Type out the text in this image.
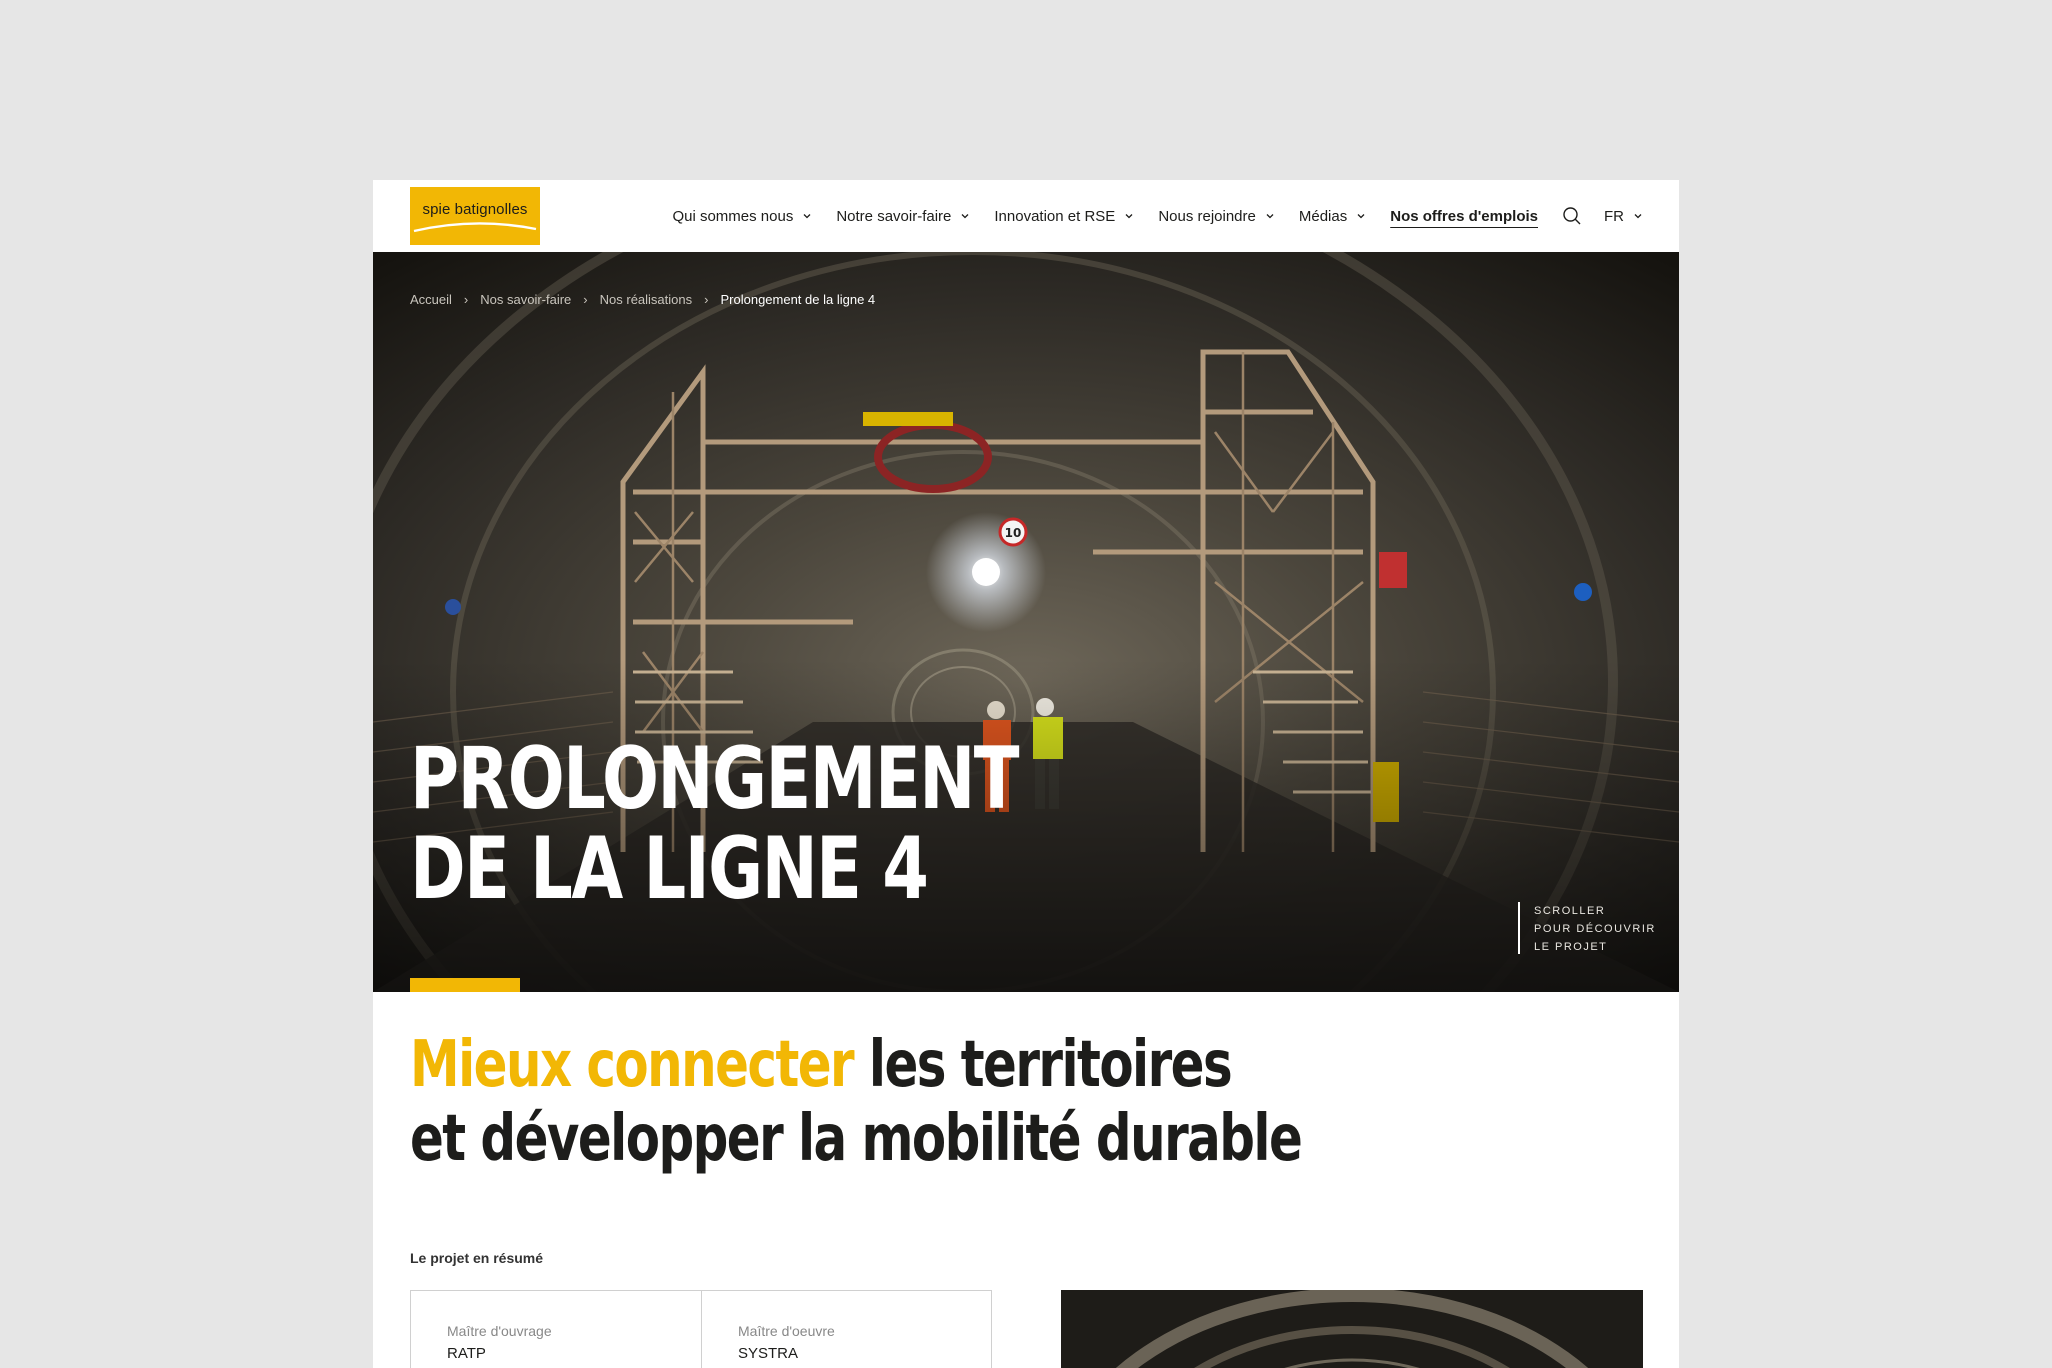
spie batignolles	Qui sommes nous	Notre savoir-faire	Innovation et RSE	Nous rejoindre	Médias	Nos offres d'emplois	FR
Accueil › Nos savoir-faire › Nos réalisations › Prolongement de la ligne 4
PROLONGEMENT
DE LA LIGNE 4	SCROLLER
POUR DÉCOUVRIR
LE PROJET
Mieux connecter les territoires
et développer la mobilité durable
Le projet en résumé
Maître d'ouvrage
RATP
Maître d'oeuvre
SYSTRA
